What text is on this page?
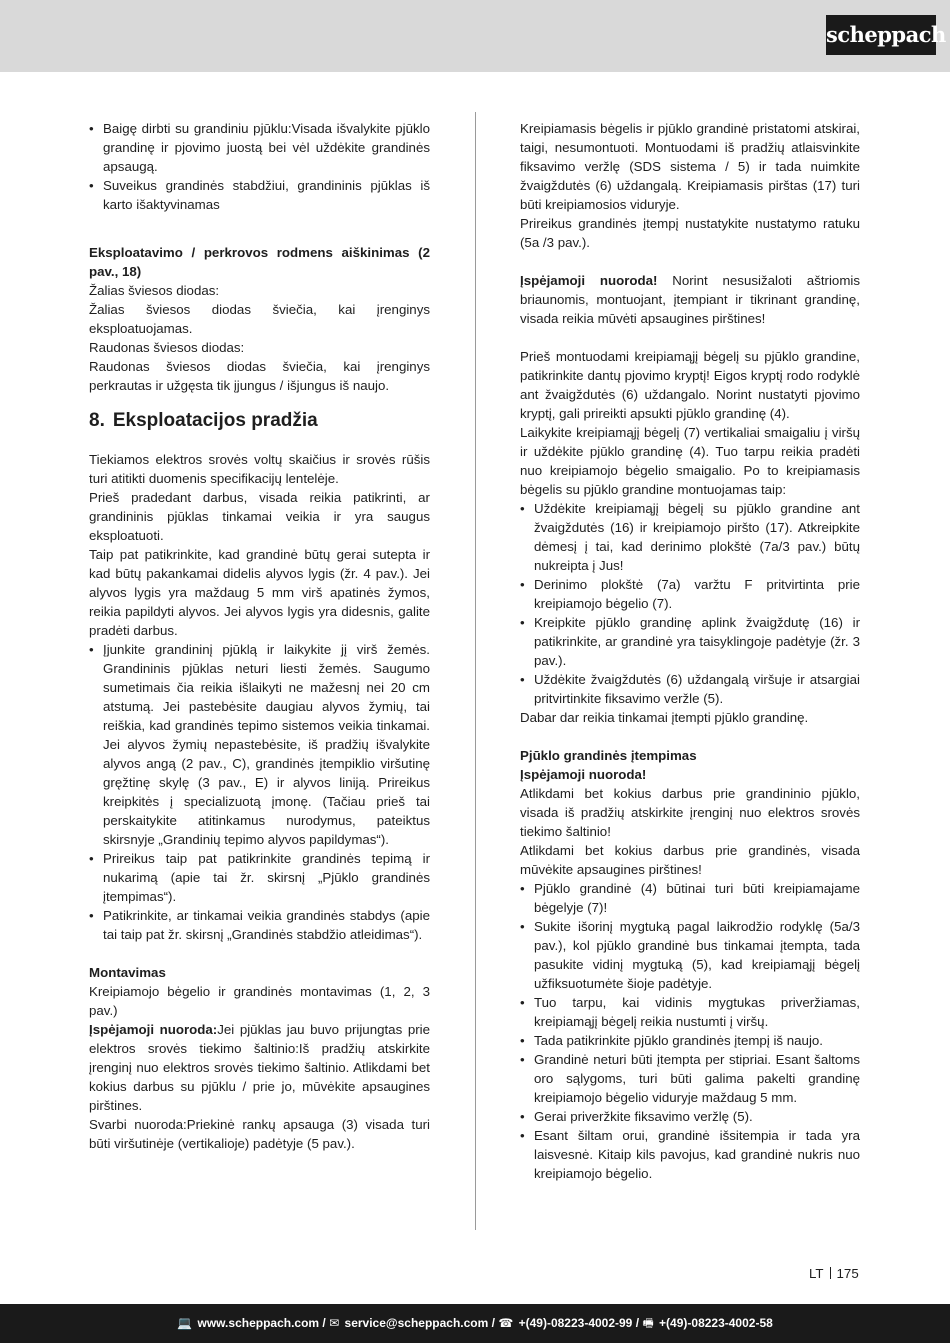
scheppach
• Baigę dirbti su grandiniu pjūklu:Visada išvalykite pjūklo grandinę ir pjovimo juostą bei vėl uždėkite grandinės apsaugą.
• Suveikus grandinės stabdžiui, grandininis pjūklas iš karto išaktyvinamas

Eksploatavimo / perkrovos rodmens aiškinimas (2 pav., 18)

Žalias šviesos diodas:

Žalias šviesos diodas šviečia, kai įrenginys eksploatuojamas.

Raudonas šviesos diodas:

Raudonas šviesos diodas šviečia, kai įrenginys perkrautas ir užgęsta tik įjungus / išjungus iš naujo.

8. Eksploatacijos pradžia

Tiekiamos elektros srovės voltų skaičius ir srovės rūšis turi atitikti duomenis specifikacijų lentelėje.

Prieš pradedant darbus, visada reikia patikrinti, ar grandininis pjūklas tinkamai veikia ir yra saugus eksploatuoti.

Taip pat patikrinkite, kad grandinė būtų gerai sutepta ir kad būtų pakankamai didelis alyvos lygis (žr. 4 pav.). Jei alyvos lygis yra maždaug 5 mm virš apatinės žymos, reikia papildyti alyvos. Jei alyvos lygis yra didesnis, galite pradėti darbus.

• Įjunkite grandininį pjūklą ir laikykite jį virš žemės. Grandininis pjūklas neturi liesti žemės. Saugumo sumetimais čia reikia išlaikyti ne mažesnį nei 20 cm atstumą. Jei pastebėsite daugiau alyvos žymių, tai reiškia, kad grandinės tepimo sistemos veikia tinkamai. Jei alyvos žymių nepastebėsite, iš pradžių išvalykite alyvos angą (2 pav., C), grandinės įtempiklio viršutinę gręžtinę skylę (3 pav., E) ir alyvos liniją. Prireikus kreipkitės į specializuotą įmonę. (Tačiau prieš tai perskaitykite atitinkamus nurodymus, pateiktus skirsnyje „Grandinių tepimo alyvos papildymas“).
• Prireikus taip pat patikrinkite grandinės tepimą ir nukarimą (apie tai žr. skirsnį „Pjūklo grandinės įtempimas“).
• Patikrinkite, ar tinkamai veikia grandinės stabdys (apie tai taip pat žr. skirsnį „Grandinės stabdžio atleidimas“).

Montavimas

Kreipiamojo bėgelio ir grandinės montavimas (1, 2, 3 pav.)

Įspėjamoji nuoroda:Jei pjūklas jau buvo prijungtas prie elektros srovės tiekimo šaltinio:Iš pradžių atskirkite įrenginį nuo elektros srovės tiekimo šaltinio. Atlikdami bet kokius darbus su pjūklu / prie jo, mūvėkite apsaugines pirštines.

Svarbi nuoroda:Priekinė rankų apsauga (3) visada turi būti viršutinėje (vertikalioje) padėtyje (5 pav.).

Kreipiamasis bėgelis ir pjūklo grandinė pristatomi atskirai, taigi, nesumontuoti. Montuodami iš pradžių atlaisvinkite fiksavimo veržlę (SDS sistema / 5) ir tada nuimkite žvaigždutės (6) uždangalą. Kreipiamasis pirštas (17) turi būti kreipiamosios viduryje.

Prireikus grandinės įtempį nustatykite nustatymo ratuku (5a /3 pav.).

Įspėjamoji nuoroda! Norint nesusižaloti aštriomis briaunomis, montuojant, įtempiant ir tikrinant grandinę, visada reikia mūvėti apsaugines pirštines!

Prieš montuodami kreipiamąjį bėgelį su pjūklo grandine, patikrinkite dantų pjovimo kryptį! Eigos kryptį rodo rodyklė ant žvaigždutės (6) uždangalo. Norint nustatyti pjovimo kryptį, gali prireikti apsukti pjūklo grandinę (4).

Laikykite kreipiamąjį bėgelį (7) vertikaliai smaigaliu į viršų ir uždėkite pjūklo grandinę (4). Tuo tarpu reikia pradėti nuo kreipiamojo bėgelio smaigalio. Po to kreipiamasis bėgelis su pjūklo grandine montuojamas taip:

• Uždėkite kreipiamąjį bėgelį su pjūklo grandine ant žvaigždutės (16) ir kreipiamojo piršto (17). Atkreipkite dėmesį į tai, kad derinimo plokštė (7a/3 pav.) būtų nukreipta į Jus!
• Derinimo plokštė (7a) varžtu F pritvirtinta prie kreipiamojo bėgelio (7).
• Kreipkite pjūklo grandinę aplink žvaigždutę (16) ir patikrinkite, ar grandinė yra taisyklingoje padėtyje (žr. 3 pav.).
• Uždėkite žvaigždutės (6) uždangalą viršuje ir atsargiai pritvirtinkite fiksavimo veržle (5).

Dabar dar reikia tinkamai įtempti pjūklo grandinę.

Pjūklo grandinės įtempimas

Įspėjamoji nuoroda!

Atlikdami bet kokius darbus prie grandininio pjūklo, visada iš pradžių atskirkite įrenginį nuo elektros srovės tiekimo šaltinio!

Atlikdami bet kokius darbus prie grandinės, visada mūvėkite apsaugines pirštines!

• Pjūklo grandinė (4) būtinai turi būti kreipiamajame bėgelyje (7)!
• Sukite išorinį mygtuką pagal laikrodžio rodyklę (5a/3 pav.), kol pjūklo grandinė bus tinkamai įtempta, tada pasukite vidinį mygtuką (5), kad kreipiamąjį bėgelį užfiksuotumėte šioje padėtyje.
• Tuo tarpu, kai vidinis mygtukas priveržiamas, kreipiamąjį bėgelį reikia nustumti į viršų.
• Tada patikrinkite pjūklo grandinės įtempį iš naujo.
• Grandinė neturi būti įtempta per stipriai. Esant šaltoms oro sąlygoms, turi būti galima pakelti grandinę kreipiamojo bėgelio viduryje maždaug 5 mm.
• Gerai priveržkite fiksavimo veržlę (5).
• Esant šiltam orui, grandinė išsitempia ir tada yra laisvesnė. Kitaip kils pavojus, kad grandinė nukris nuo kreipiamojo bėgelio.
LT 175
💻 www.scheppach.com / ✉ service@scheppach.com / ☎ +(49)-08223-4002-99 / 🖷 +(49)-08223-4002-58
